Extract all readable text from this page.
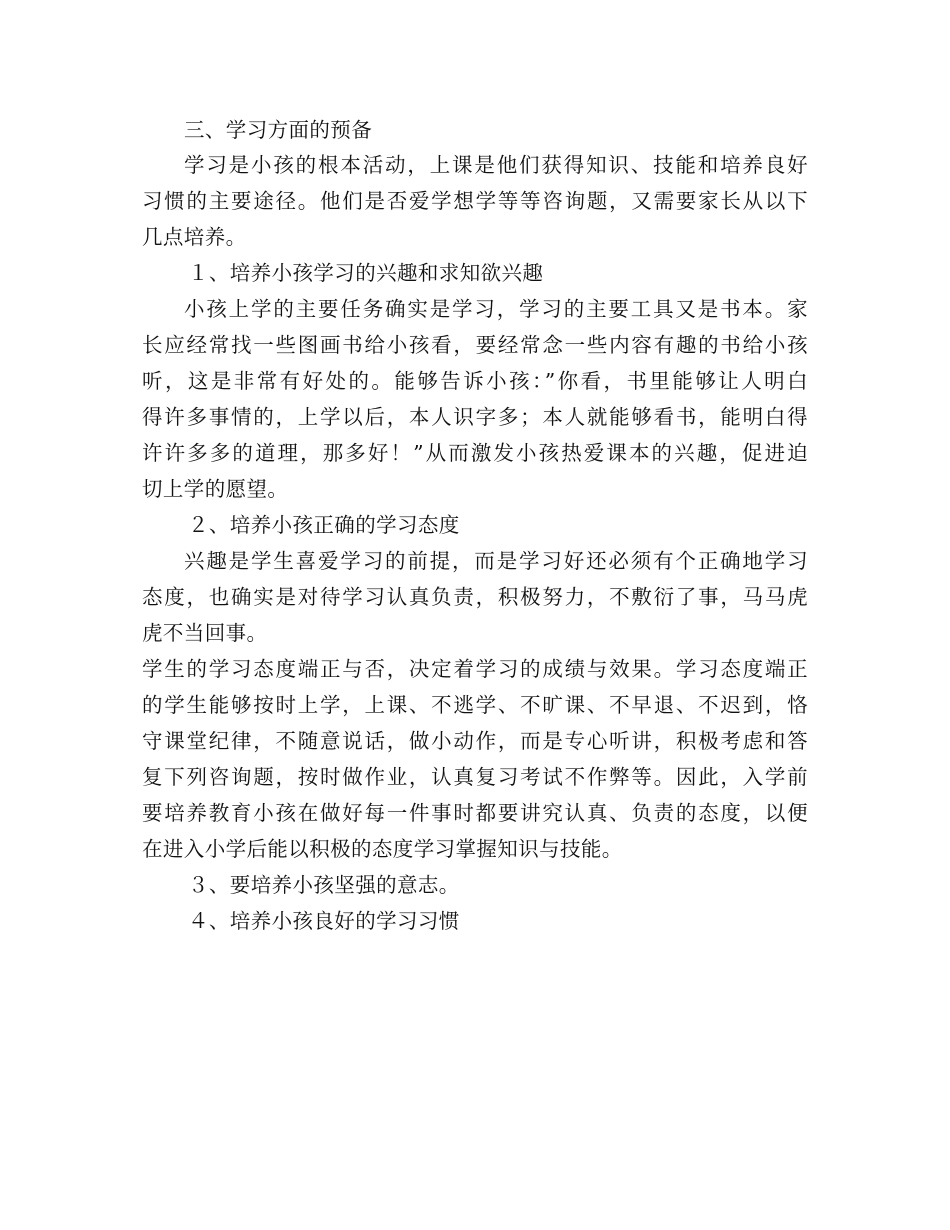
三、学习方面的预备
学习是小孩的根本活动，上课是他们获得知识、技能和培养良好
习惯的主要途径。他们是否爱学想学等等咨询题，又需要家长从以下
几点培养。
１、培养小孩学习的兴趣和求知欲兴趣
小孩上学的主要任务确实是学习，学习的主要工具又是书本。家
长应经常找一些图画书给小孩看，要经常念一些内容有趣的书给小孩
听，这是非常有好处的。能够告诉小孩：”你看，书里能够让人明白
得许多事情的，上学以后，本人识字多；本人就能够看书，能明白得
许许多多的道理，那多好！”从而激发小孩热爱课本的兴趣，促进迫
切上学的愿望。
２、培养小孩正确的学习态度
兴趣是学生喜爱学习的前提，而是学习好还必须有个正确地学习
态度，也确实是对待学习认真负责，积极努力，不敷衍了事，马马虎
虎不当回事。
学生的学习态度端正与否，决定着学习的成绩与效果。学习态度端正
的学生能够按时上学，上课、不逃学、不旷课、不早退、不迟到，恪
守课堂纪律，不随意说话，做小动作，而是专心听讲，积极考虑和答
复下列咨询题，按时做作业，认真复习考试不作弊等。因此，入学前
要培养教育小孩在做好每一件事时都要讲究认真、负责的态度，以便
在进入小学后能以积极的态度学习掌握知识与技能。
３、要培养小孩坚强的意志。
４、培养小孩良好的学习习惯
